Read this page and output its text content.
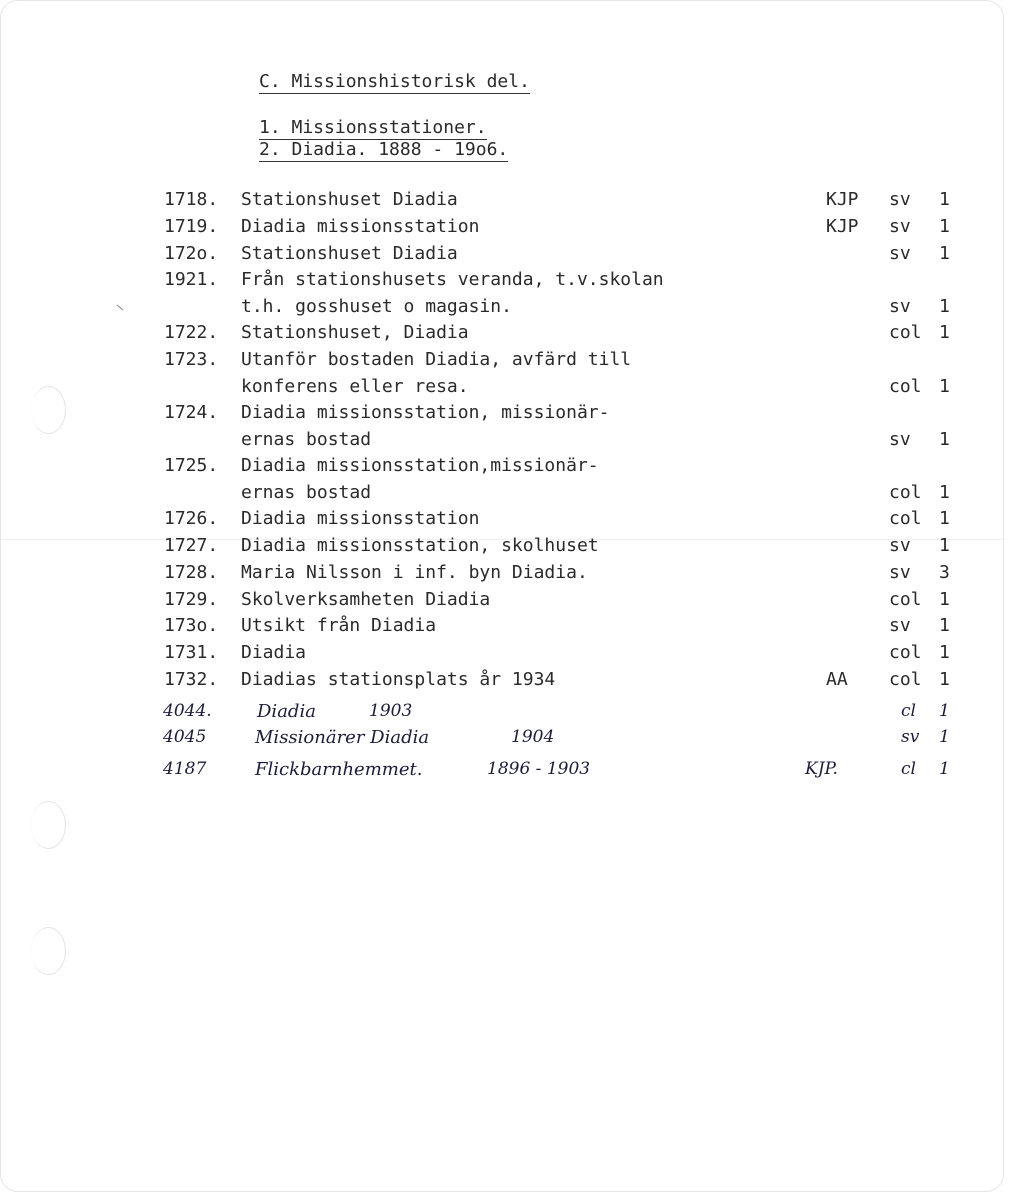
C. Missionshistorisk del.
1. Missionsstationer.
2. Diadia. 1888 - 19o6.
1718. Stationshuset Diadia	KJP sv 1
1719. Diadia missionsstation	KJP sv 1
172o. Stationshuset Diadia	sv 1
1921. Från stationshusets veranda, t.v.skolan
t.h. gosshuset o magasin.	sv 1
1722. Stationshuset, Diadia	col 1
1723. Utanför bostaden Diadia, avfärd till
konferens eller resa.	col 1
1724. Diadia missionsstation, missionär-
ernas bostad	sv 1
1725. Diadia missionsstation,missionär-
ernas bostad	col 1
1726. Diadia missionsstation	col 1
1727. Diadia missionsstation, skolhuset	sv 1
1728. Maria Nilsson i inf. byn Diadia.	sv 3
1729. Skolverksamheten Diadia	col 1
173o. Utsikt från Diadia	sv 1
1731. Diadia	col 1
1732. Diadias stationsplats år 1934	AA col 1
4044.	Diadia	1903	cl 1
4045	Missionärer Diadia	1904	sv 1
4187	Flickbarnhemmet.	1896 - 1903	KJP.	cl 1
